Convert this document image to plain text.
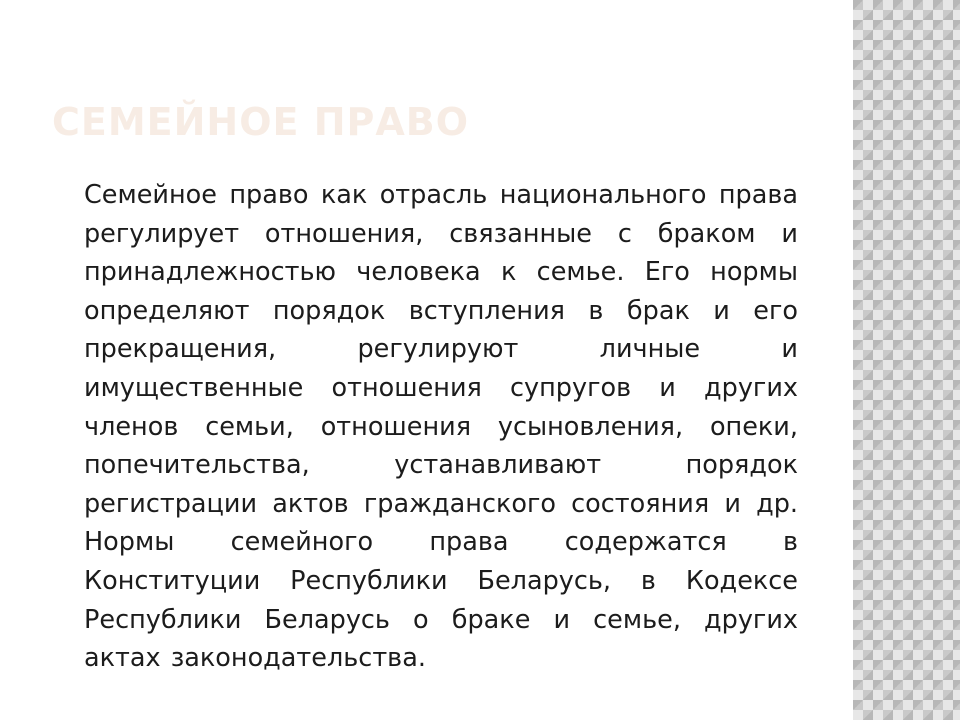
СЕМЕЙНОЕ ПРАВО

Семейное право как отрасль национального права регулирует отношения, связанные с браком и принадлежностью человека к семье. Его нормы определяют порядок вступления в брак и его прекращения, регулируют личные и имущественные отношения супругов и других членов семьи, отношения усыновления, опеки, попечительства, устанавливают порядок регистрации актов гражданского состояния и др. Нормы семейного права содержатся в Конституции Республики Беларусь, в Кодексе Республики Беларусь о браке и семье, других актах законодательства.
